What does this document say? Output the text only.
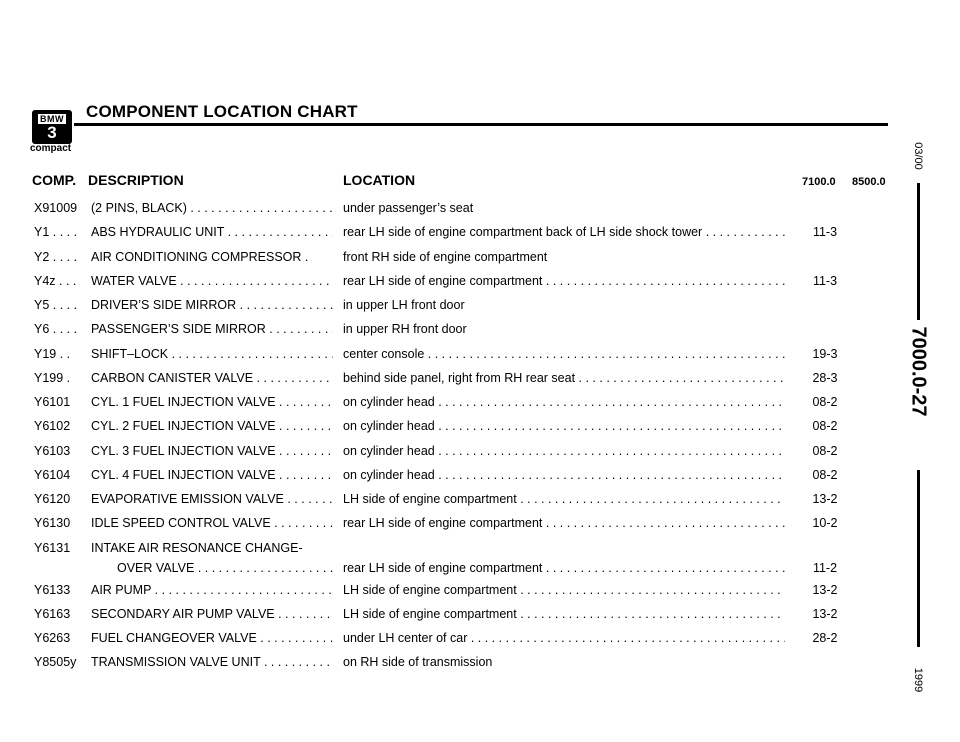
BMW
3
compact
COMPONENT LOCATION CHART
03/00
7000.0-27
1999
COMP. DESCRIPTION	LOCATION	7100.0 8500.0
X91009	(2 PINS, BLACK) . . .	under passenger’s seat
Y1 . . . .	ABS HYDRAULIC UNIT . . .	rear LH side of engine compartment back of LH side shock tower . . .	11-3
Y2 . . . .	AIR CONDITIONING COMPRESSOR .	front RH side of engine compartment
Y4z . . .	WATER VALVE . . .	rear LH side of engine compartment . . .	11-3
Y5 . . . .	DRIVER’S SIDE MIRROR . . .	in upper LH front door
Y6 . . . .	PASSENGER’S SIDE MIRROR . . .	in upper RH front door
Y19 . .	SHIFT–LOCK . . .	center console . . .	19-3
Y199 .	CARBON CANISTER VALVE . . .	behind side panel, right from RH rear seat . . .	28-3
Y6101	CYL. 1 FUEL INJECTION VALVE . . .	on cylinder head . . .	08-2
Y6102	CYL. 2 FUEL INJECTION VALVE . . .	on cylinder head . . .	08-2
Y6103	CYL. 3 FUEL INJECTION VALVE . . .	on cylinder head . . .	08-2
Y6104	CYL. 4 FUEL INJECTION VALVE . . .	on cylinder head . . .	08-2
Y6120	EVAPORATIVE EMISSION VALVE . . .	LH side of engine compartment . . .	13-2
Y6130	IDLE SPEED CONTROL VALVE . . .	rear LH side of engine compartment . . .	10-2
Y6131	INTAKE AIR RESONANCE CHANGE-
OVER VALVE . . .	rear LH side of engine compartment . . .	11-2
Y6133	AIR PUMP . . .	LH side of engine compartment . . .	13-2
Y6163	SECONDARY AIR PUMP VALVE . . .	LH side of engine compartment . . .	13-2
Y6263	FUEL CHANGEOVER VALVE . . .	under LH center of car . . .	28-2
Y8505y	TRANSMISSION VALVE UNIT . . .	on RH side of transmission
